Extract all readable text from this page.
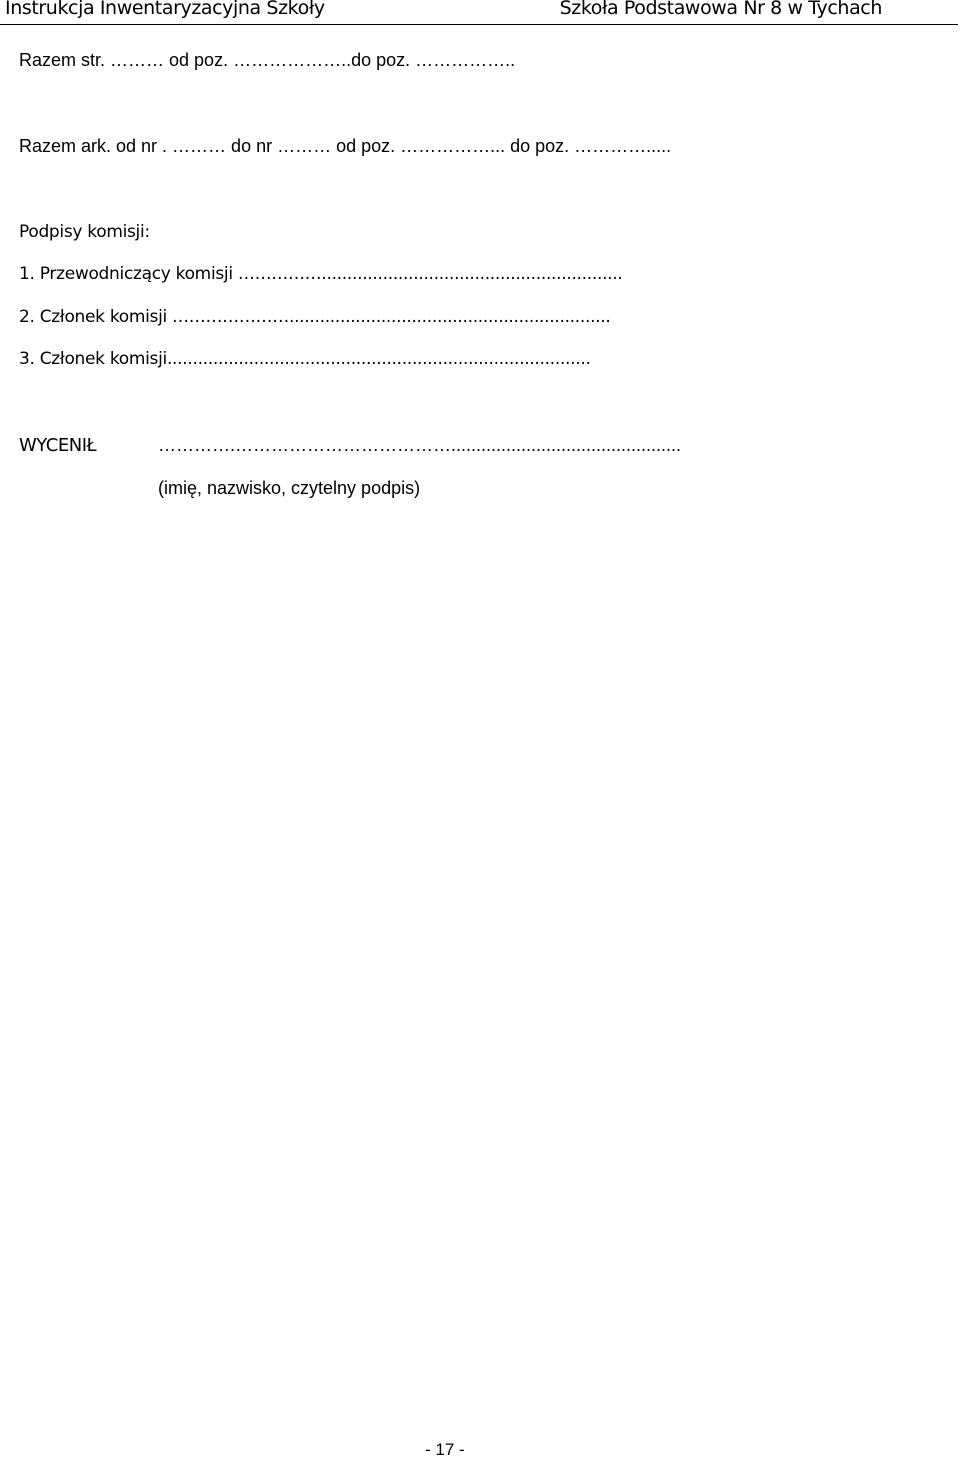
Instrukcja Inwentaryzacyjna Szkoły	Szkoła Podstawowa Nr 8 w Tychach
Razem str. ……… od poz. ………………..do poz. ……………..
Razem ark. od nr . ……… do nr ……… od poz. ……………... do poz. ………….....
Podpisy komisji:
1. Przewodniczący komisji ……………...........................................................
2. Członek komisji …………………...............................................................
3. Członek komisji...................................................................................
WYCENIŁ	………….………………………………..............................................
(imię, nazwisko, czytelny podpis)
- 17 -
